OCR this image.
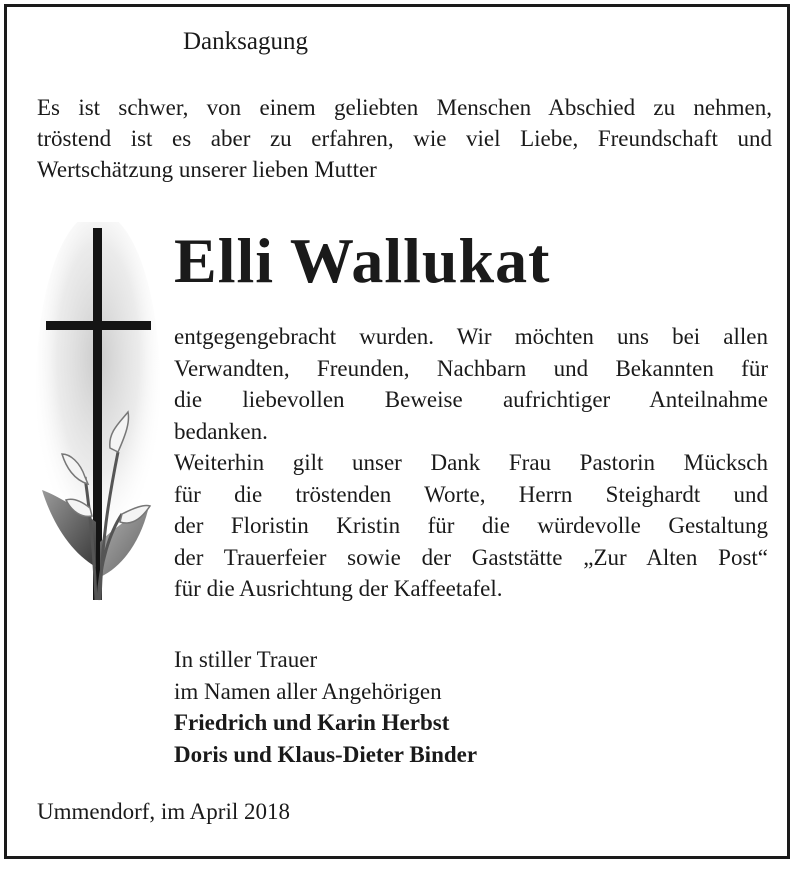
Danksagung
Es ist schwer, von einem geliebten Menschen Abschied zu nehmen,
tröstend ist es aber zu erfahren, wie viel Liebe, Freundschaft und
Wertschätzung unserer lieben Mutter
Elli Wallukat
entgegengebracht wurden. Wir möchten uns bei allen
Verwandten, Freunden, Nachbarn und Bekannten für
die liebevollen Beweise aufrichtiger Anteilnahme
bedanken.
Weiterhin gilt unser Dank Frau Pastorin Mücksch
für die tröstenden Worte, Herrn Steighardt und
der Floristin Kristin für die würdevolle Gestaltung
der Trauerfeier sowie der Gaststätte „Zur Alten Post“
für die Ausrichtung der Kaffeetafel.
In stiller Trauer
im Namen aller Angehörigen
Friedrich und Karin Herbst
Doris und Klaus-Dieter Binder
Ummendorf, im April 2018
